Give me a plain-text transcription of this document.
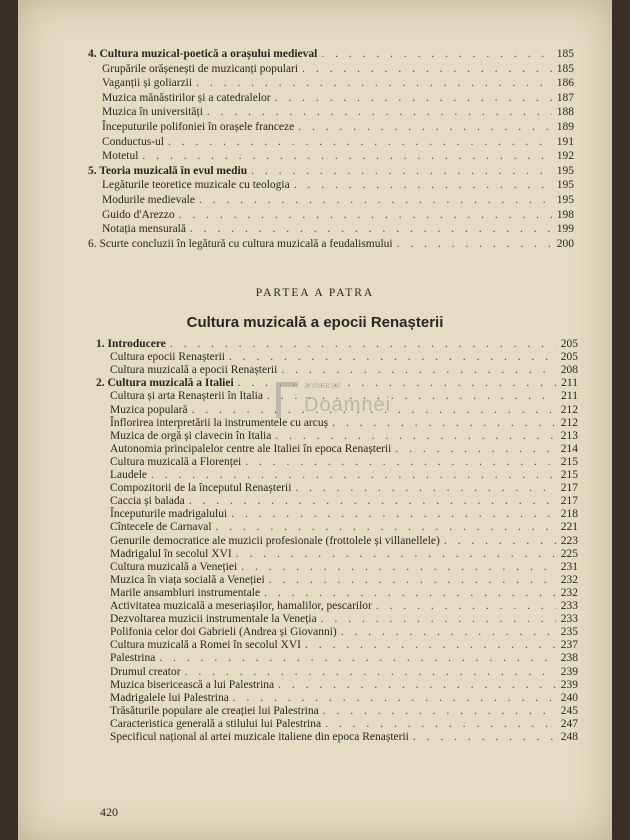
4. Cultura muzical-poetică a orașului medieval . . .	185
Grupările orășenești de muzicanți populari . . .	185
Vaganții și goliarzii . . .	186
Muzica mănăstirilor și a catedralelor . . .	187
Muzica în universități . . .	188
Începuturile polifoniei în orașele franceze . . .	189
Conductus-ul . . .	191
Motetul . . .	192
5. Teoria muzicală în evul mediu . . .	195
Legăturile teoretice muzicale cu teologia . . .	195
Modurile medievale . . .	195
Guido d'Arezzo . . .	198
Notația mensurală . . .	199
6. Scurte concluzii în legătură cu cultura muzicală a feudalismului . . .	200
PARTEA A PATRA
Cultura muzicală a epocii Renașterii
1. Introducere . . .	205
Cultura epocii Renașterii . . .	205
Cultura muzicală a epocii Renașterii . . .	208
2. Cultura muzicală a Italiei . . .	211
Cultura și arta Renașterii în Italia . . .	211
Muzica populară . . .	212
Înflorirea interpretării la instrumentele cu arcuș . . .	212
Muzica de orgă și clavecin în Italia . . .	213
Autonomia principalelor centre ale Italiei în epoca Renașterii . . .	214
Cultura muzicală a Florenței . . .	215
Laudele . . .	215
Compozitorii de la începutul Renașterii . . .	217
Caccia și balada . . .	217
Începuturile madrigalului . . .	218
Cîntecele de Carnaval . . .	221
Genurile democratice ale muzicii profesionale (frottolele și villanellele) . . .	223
Madrigalul în secolul XVI . . .	225
Cultura muzicală a Veneției . . .	231
Muzica în viața socială a Veneției . . .	232
Marile ansambluri instrumentale . . .	232
Activitatea muzicală a meseriașilor, hamalilor, pescarilor . . .	233
Dezvoltarea muzicii instrumentale la Veneția . . .	233
Polifonia celor doi Gabrieli (Andrea și Giovanni) . . .	235
Cultura muzicală a Romei în secolul XVI . . .	237
Palestrina . . .	238
Drumul creator . . .	239
Muzica bisericească a lui Palestrina . . .	239
Madrigalele lui Palestrina . . .	240
Trăsăturile populare ale creației lui Palestrina . . .	245
Caracteristica generală a stilului lui Palestrina . . .	247
Specificul național al artei muzicale italiene din epoca Renașterii . . .	248
anticariat
Doamnei
420
